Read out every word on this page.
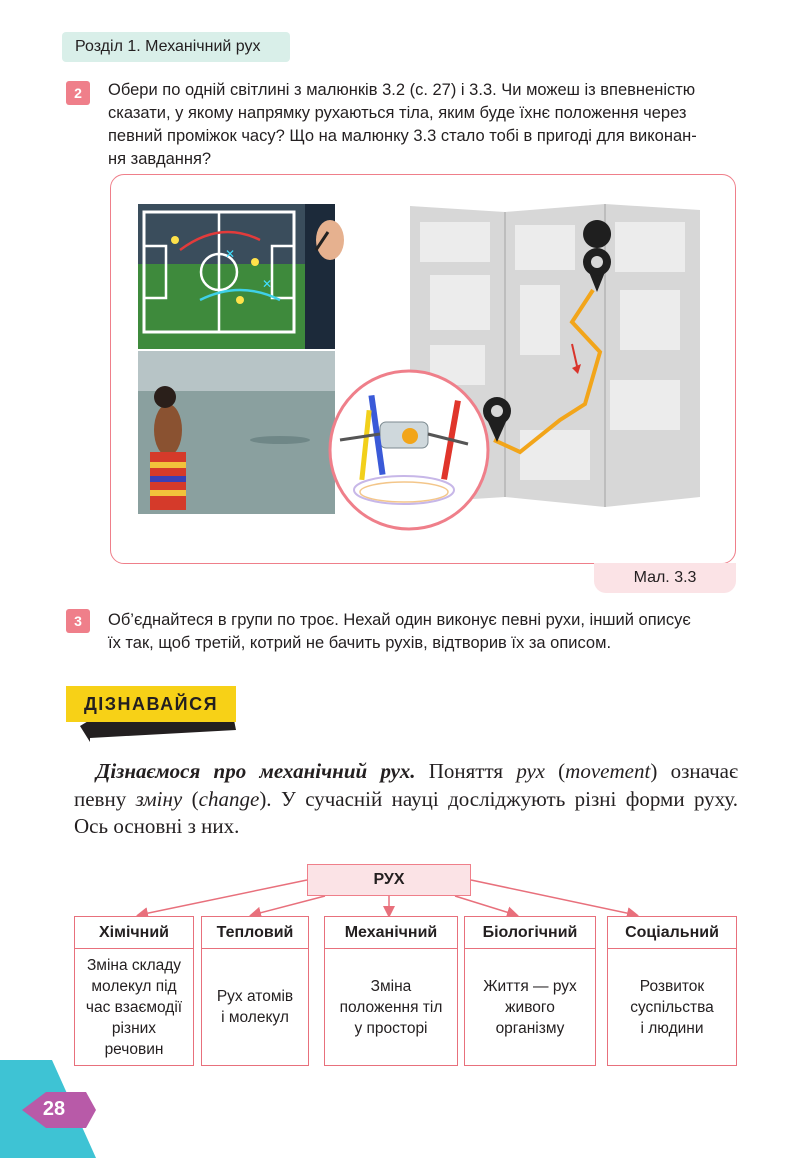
Розділ 1. Механічний рух
2	Обери по одній світлині з малюнків 3.2 (с. 27) і 3.3. Чи можеш із впевненістю
сказати, у якому напрямку рухаються тіла, яким буде їхнє положення через
певний проміжок часу? Що на малюнку 3.3 стало тобі в пригоді для виконан-
ня завдання?
✕
✕
Мал. 3.3
3	Об’єднайтеся в групи по троє. Нехай один виконує певні рухи, інший описує
їх так, щоб третій, котрий не бачить рухів, відтворив їх за описом.
ДІЗНАВАЙСЯ
Дізнаємося про механічний рух. Поняття рух (movement) означає певну зміну (change). У сучасній науці досліджують різні форми руху. Ось основні з них.
РУХ
Хімічний
Зміна складу
молекул під
час взаємодії
різних
речовин
Тепловий
Рух атомів
і молекул
Механічний
Зміна
положення тіл
у просторі
Біологічний
Життя — рух
живого
організму
Соціальний
Розвиток
суспільства
і людини
28
